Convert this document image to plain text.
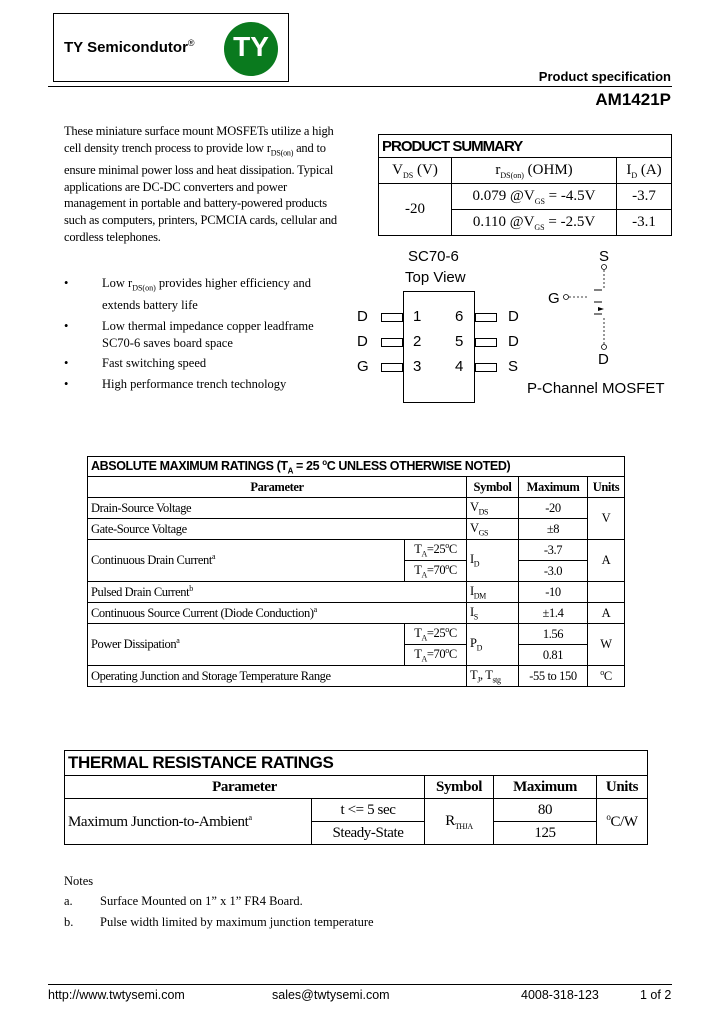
TY Semicondutor®	TY
Product specification
AM1421P
These miniature surface mount MOSFETs utilize a high cell density trench process to provide low $r_{DS(on)}$ and to ensure minimal power loss and heat dissipation. Typical applications are DC-DC converters and power management in portable and battery-powered products such as computers, printers, PCMCIA cards, cellular and cordless telephones.
•	Low $r_{DS(on)}$ provides higher efficiency and extends battery life
•	Low thermal impedance copper leadframe SC70-6 saves board space
•	Fast switching speed
•	High performance trench technology
PRODUCT SUMMARY		
$V_{DS}$ (V)	$r_{DS(on)}$ (OHM)	$I_D$ (A)
-20	0.079 $@V_{GS} = -4.5V$	-3.7
	0.110 $@V_{GS} = -2.5V$	-3.1
SC70-6
Top View
D
D
G
1
2
3
6
5
4
D
D
S
S
G
D
P-Channel MOSFET
ABSOLUTE MAXIMUM RATINGS ($T_A = 25$ $^o$C UNLESS OTHERWISE NOTED)				
Parameter		Symbol	Maximum	Units
Drain-Source Voltage		$V_{DS}$	-20	V
Gate-Source Voltage		$V_{GS}$	±8	
Continuous Drain Current$^a$	$T_A=25^oC$	$I_D$	-3.7	A
	$T_A=70^oC$		-3.0	
Pulsed Drain Current$^b$		$I_{DM}$	-10	
Continuous Source Current (Diode Conduction)$^a$		$I_S$	±1.4	A
Power Dissipation$^a$	$T_A=25^oC$	$P_D$	1.56	W
	$T_A=70^oC$		0.81	
Operating Junction and Storage Temperature Range		$T_J$, $T_{stg}$	-55 to 150	$^o$C
THERMAL RESISTANCE RATINGS				
Parameter		Symbol	Maximum	Units
Maximum Junction-to-Ambient$^a$	t <= 5 sec	$R_{THJA}$	80	$^o$C/W
	Steady-State		125	
Notes
a. Surface Mounted on 1” x 1” FR4 Board.
b. Pulse width limited by maximum junction temperature
http://www.twtysemi.com	sales@twtysemi.com	4008-318-123	1 of 2
